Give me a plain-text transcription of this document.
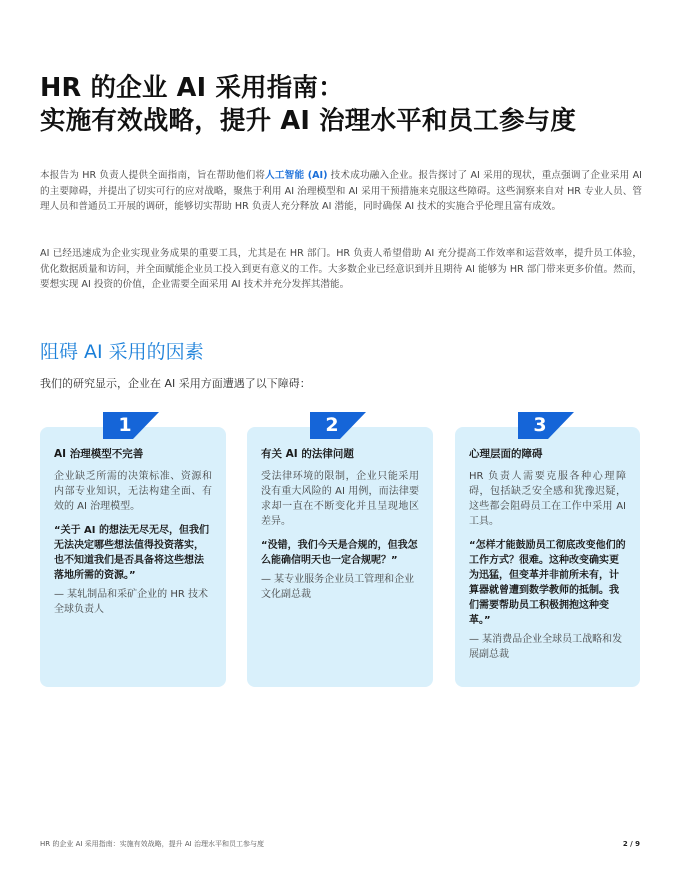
HR 的企业 AI 采用指南：
实施有效战略，提升 AI 治理水平和员工参与度

本报告为 HR 负责人提供全面指南，旨在帮助他们将人工智能 (AI) 技术成功融入企业。报告探讨了 AI 采用的现状，重点强调了企业采用 AI 的主要障碍，并提出了切实可行的应对战略，聚焦于利用 AI 治理模型和 AI 采用干预措施来克服这些障碍。这些洞察来自对 HR 专业人员、管理人员和普通员工开展的调研，能够切实帮助 HR 负责人充分释放 AI 潜能，同时确保 AI 技术的实施合乎伦理且富有成效。

AI 已经迅速成为企业实现业务成果的重要工具，尤其是在 HR 部门。HR 负责人希望借助 AI 充分提高工作效率和运营效率，提升员工体验，优化数据质量和访问，并全面赋能企业员工投入到更有意义的工作。大多数企业已经意识到并且期待 AI 能够为 HR 部门带来更多价值。然而，要想实现 AI 投资的价值，企业需要全面采用 AI 技术并充分发挥其潜能。

阻碍 AI 采用的因素
我们的研究显示，企业在 AI 采用方面遭遇了以下障碍：
1
AI 治理模型不完善
企业缺乏所需的决策标准、资源和内部专业知识，无法构建全面、有效的 AI 治理模型。
“关于 AI 的想法无尽无尽，但我们无法决定哪些想法值得投资落实，也不知道我们是否具备将这些想法落地所需的资源。”
— 某轧制品和采矿企业的 HR 技术全球负责人
2
有关 AI 的法律问题
受法律环境的限制，企业只能采用没有重大风险的 AI 用例，而法律要求却一直在不断变化并且呈现地区差异。
“没错，我们今天是合规的，但我怎么能确信明天也一定合规呢？”
— 某专业服务企业员工管理和企业文化副总裁
3
心理层面的障碍
HR 负责人需要克服各种心理障碍，包括缺乏安全感和犹豫迟疑，这些都会阻碍员工在工作中采用 AI 工具。
“怎样才能鼓励员工彻底改变他们的工作方式？很难。这种改变确实更为迅猛，但变革并非前所未有，计算器就曾遭到数学教师的抵制。我们需要帮助员工积极拥抱这种变革。”
— 某消费品企业全球员工战略和发展副总裁
HR 的企业 AI 采用指南：实施有效战略，提升 AI 治理水平和员工参与度	2 / 9
